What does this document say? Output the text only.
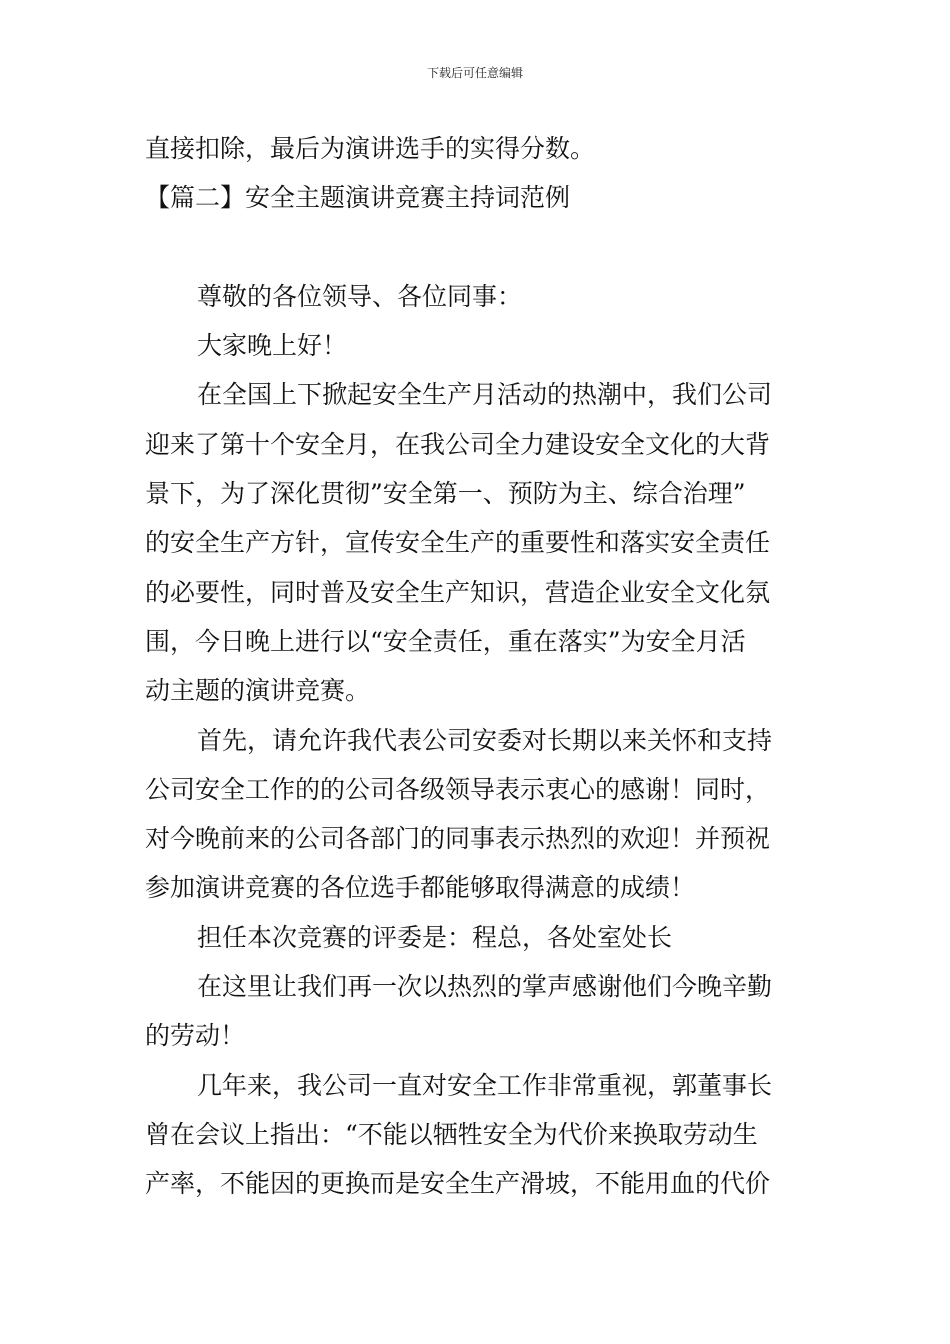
下载后可任意编辑

直接扣除，最后为演讲选手的实得分数。

【篇二】安全主题演讲竞赛主持词范例

尊敬的各位领导、各位同事：

大家晚上好！

在全国上下掀起安全生产月活动的热潮中，我们公司

迎来了第十个安全月，在我公司全力建设安全文化的大背

景下，为了深化贯彻”安全第一、预防为主、综合治理”

的安全生产方针，宣传安全生产的重要性和落实安全责任

的必要性，同时普及安全生产知识，营造企业安全文化氛

围，今日晚上进行以“安全责任，重在落实”为安全月活

动主题的演讲竞赛。

首先，请允许我代表公司安委对长期以来关怀和支持

公司安全工作的的公司各级领导表示衷心的感谢！同时，

对今晚前来的公司各部门的同事表示热烈的欢迎！并预祝

参加演讲竞赛的各位选手都能够取得满意的成绩！

担任本次竞赛的评委是：程总，各处室处长

在这里让我们再一次以热烈的掌声感谢他们今晚辛勤

的劳动！

几年来，我公司一直对安全工作非常重视，郭董事长

曾在会议上指出：“不能以牺牲安全为代价来换取劳动生

产率，不能因的更换而是安全生产滑坡，不能用血的代价
